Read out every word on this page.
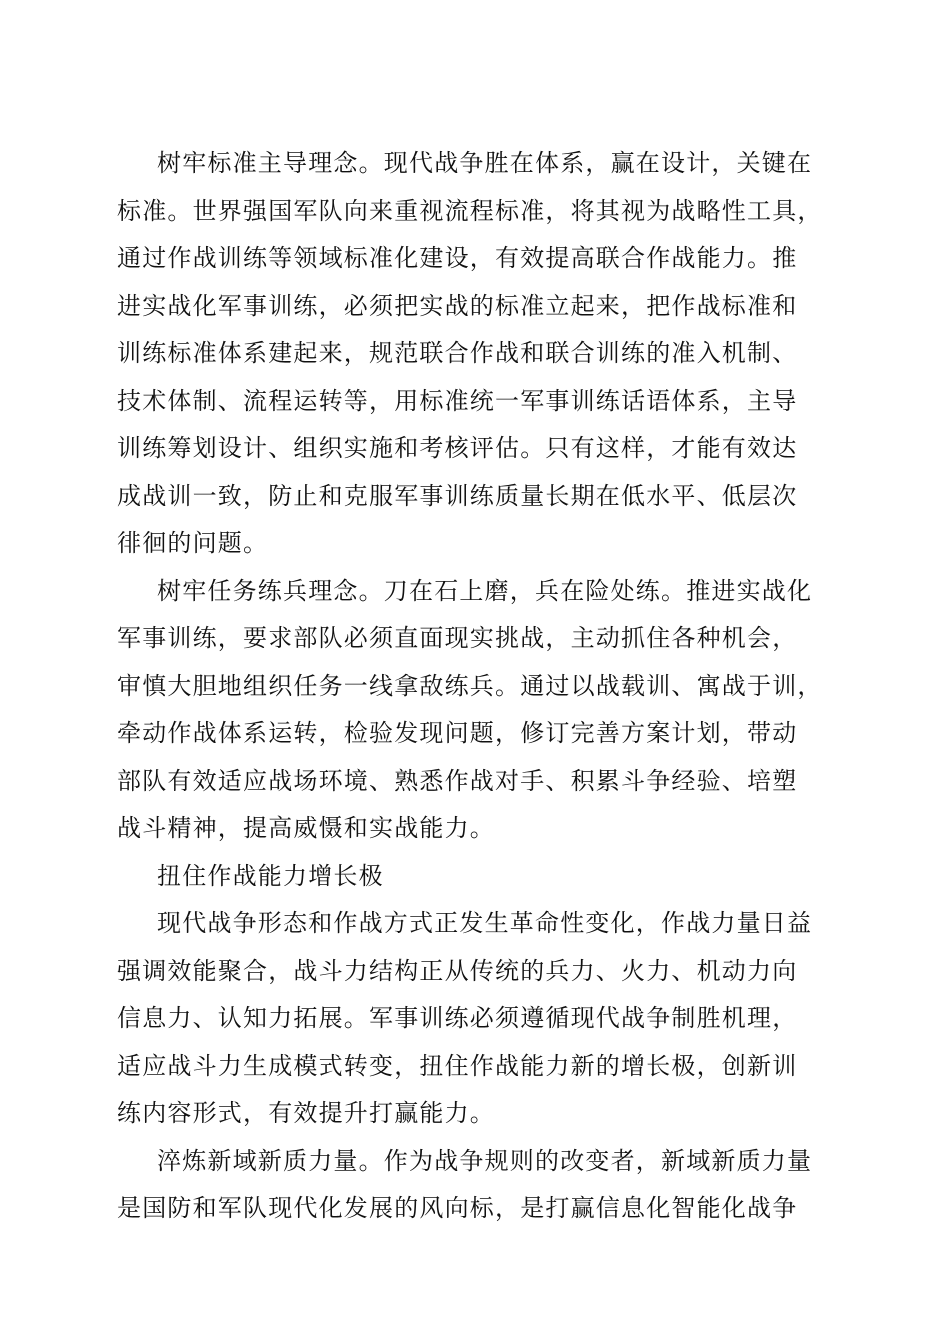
树牢标准主导理念。现代战争胜在体系，赢在设计，关键在
标准。世界强国军队向来重视流程标准，将其视为战略性工具，
通过作战训练等领域标准化建设，有效提高联合作战能力。推
进实战化军事训练，必须把实战的标准立起来，把作战标准和
训练标准体系建起来，规范联合作战和联合训练的准入机制、
技术体制、流程运转等，用标准统一军事训练话语体系，主导
训练筹划设计、组织实施和考核评估。只有这样，才能有效达
成战训一致，防止和克服军事训练质量长期在低水平、低层次
徘徊的问题。
树牢任务练兵理念。刀在石上磨，兵在险处练。推进实战化
军事训练，要求部队必须直面现实挑战，主动抓住各种机会，
审慎大胆地组织任务一线拿敌练兵。通过以战载训、寓战于训，
牵动作战体系运转，检验发现问题，修订完善方案计划，带动
部队有效适应战场环境、熟悉作战对手、积累斗争经验、培塑
战斗精神，提高威慑和实战能力。
扭住作战能力增长极
现代战争形态和作战方式正发生革命性变化，作战力量日益
强调效能聚合，战斗力结构正从传统的兵力、火力、机动力向
信息力、认知力拓展。军事训练必须遵循现代战争制胜机理，
适应战斗力生成模式转变，扭住作战能力新的增长极，创新训
练内容形式，有效提升打赢能力。
淬炼新域新质力量。作为战争规则的改变者，新域新质力量
是国防和军队现代化发展的风向标，是打赢信息化智能化战争
